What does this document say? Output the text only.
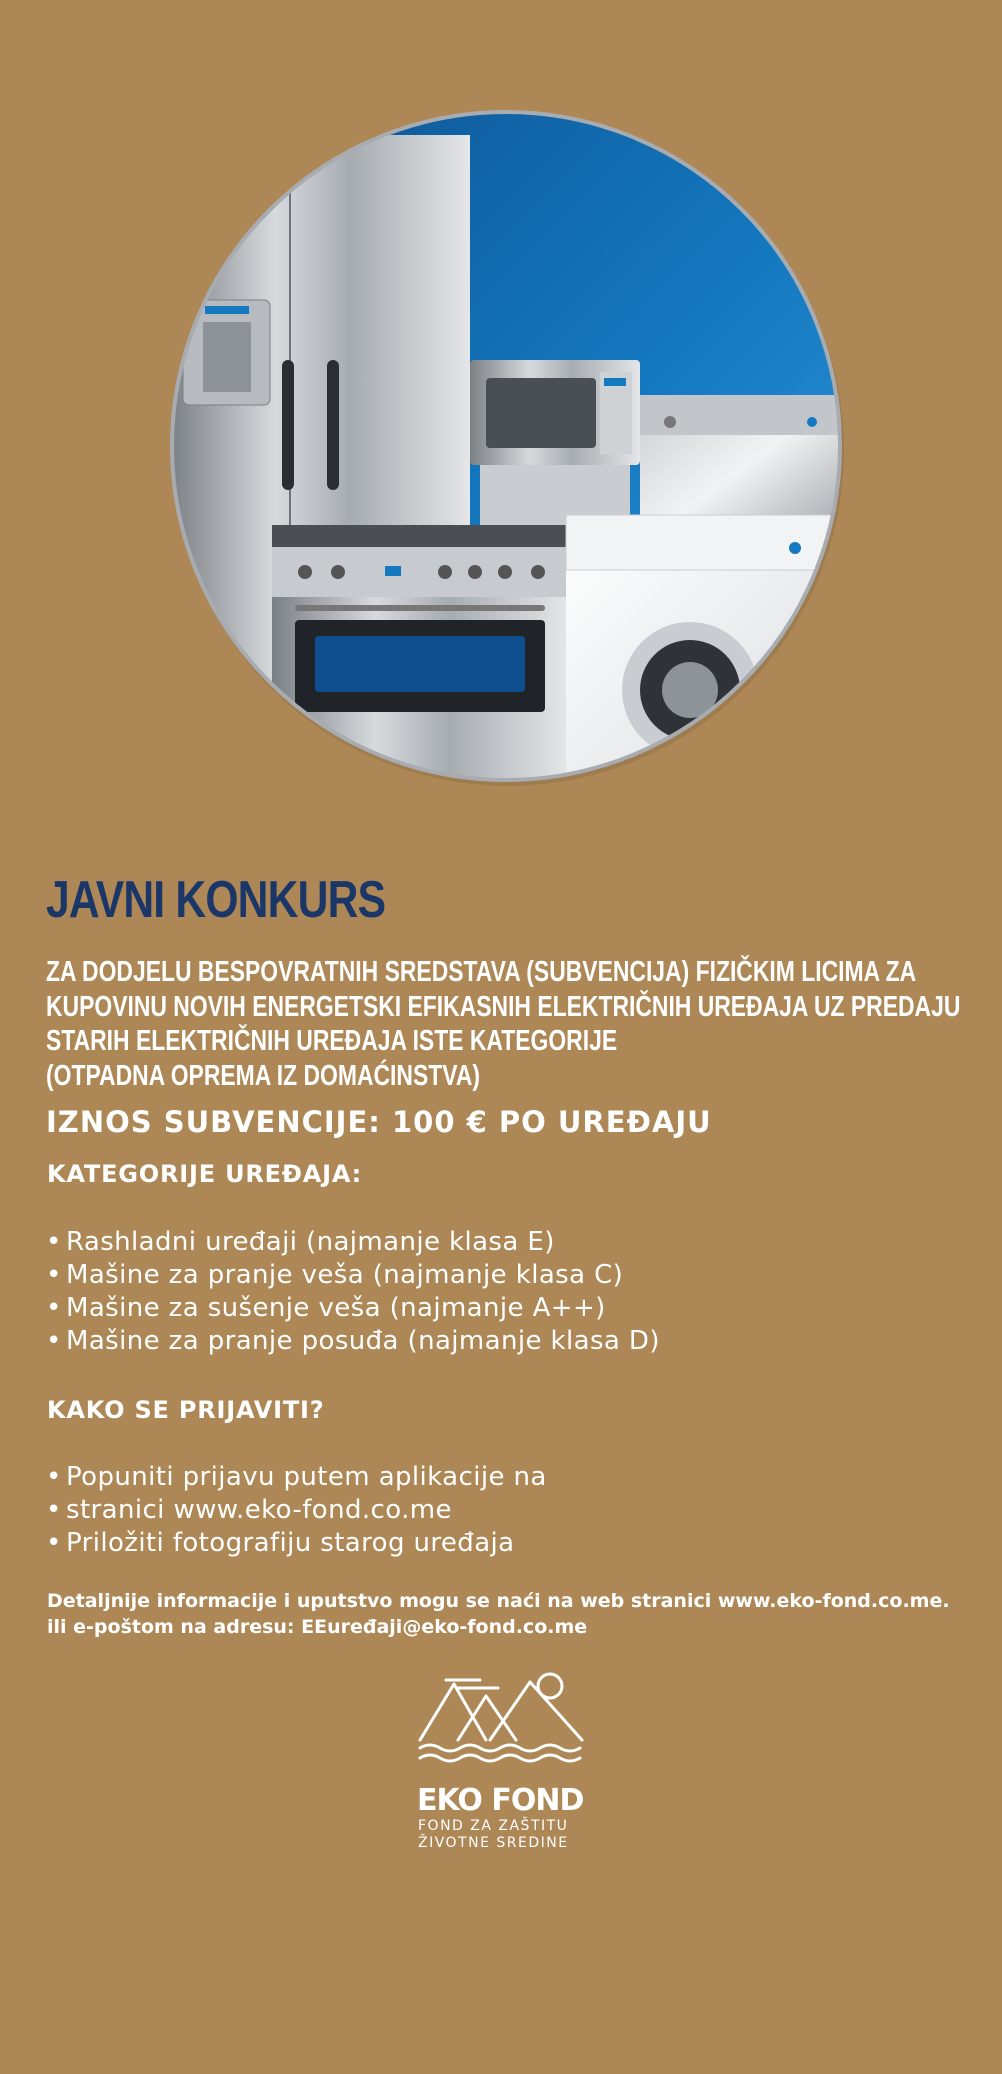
JAVNI KONKURS
ZA DODJELU BESPOVRATNIH SREDSTAVA (SUBVENCIJA) FIZIČKIM LICIMA ZA
KUPOVINU NOVIH ENERGETSKI EFIKASNIH ELEKTRIČNIH UREĐAJA UZ PREDAJU
STARIH ELEKTRIČNIH UREĐAJA ISTE KATEGORIJE
(OTPADNA OPREMA IZ DOMAĆINSTVA)
IZNOS SUBVENCIJE: 100 € PO UREĐAJU
KATEGORIJE UREĐAJA:
• Rashladni uređaji (najmanje klasa E)
• Mašine za pranje veša (najmanje klasa C)
• Mašine za sušenje veša (najmanje A++)
• Mašine za pranje posuđa (najmanje klasa D)
KAKO SE PRIJAVITI?
• Popuniti prijavu putem aplikacije na
• stranici www.eko-fond.co.me
• Priložiti fotografiju starog uređaja
Detaljnije informacije i uputstvo mogu se naći na web stranici www.eko-fond.co.me.
ili e-poštom na adresu: EEuređaji@eko-fond.co.me
EKO FOND
FOND ZA ZAŠTITU
ŽIVOTNE SREDINE
